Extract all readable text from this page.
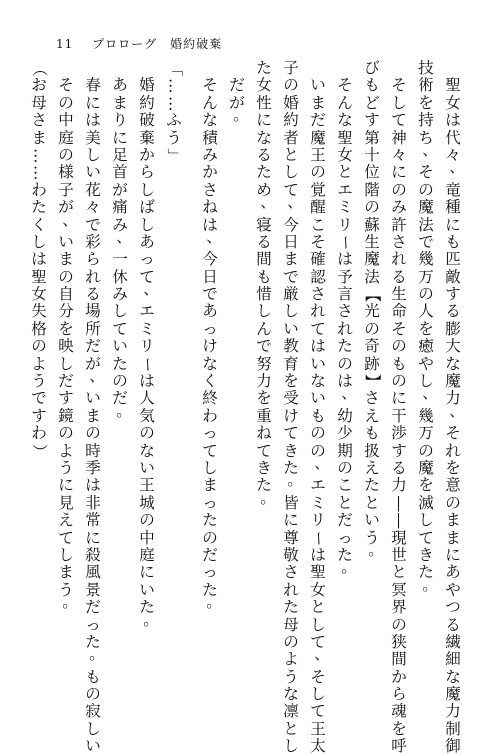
11 プロローグ　婚約破棄

聖
女
は
代
々
、
竜
種
に
も
匹
敵
す
る
膨
大
な
魔
力
、
そ
れ
を
意
の
ま
ま
に
あ
や
つ
る
繊
細
な
魔
力
制
御
技
術
を
持
ち
、
そ
の
魔
法
で
幾
万
の
人
を
癒
や
し
、
幾
万
の
魔
を
滅
し
て
き
た
。

そ
し
て
神
々
に
の
み
許
さ
れ
る
生
命
そ
の
も
の
に
干
渉
す
る
力
―
―
現
世
と
冥
界
の
狭
間
か
ら
魂
を
呼
び
も
ど
す
第
十
位
階
の
蘇
生
魔
法
【
光
の
奇
跡
】
さ
え
も
扱
え
た
と
い
う
。

そ
ん
な
聖
女
と
エ
ミ
リ
ー
は
予
言
さ
れ
た
の
は
、
幼
少
期
の
こ
と
だ
っ
た
。

い
ま
だ
魔
王
の
覚
醒
こ
そ
確
認
さ
れ
て
は
い
な
い
も
の
の
、
エ
ミ
リ
ー
は
聖
女
と
し
て
、
そ
し
て
王
太
子
の
婚
約
者
と
し
て
、
今
日
ま
で
厳
し
い
教
育
を
受
け
て
き
た
。
皆
に
尊
敬
さ
れ
た
母
の
よ
う
な
凛
と
し
た
女
性
に
な
る
た
め
、
寝
る
間
も
惜
し
ん
で
努
力
を
重
ね
て
き
た
。

だ
が
。

そ
ん
な
積
み
か
さ
ね
は
、
今
日
で
あ
っ
け
な
く
終
わ
っ
て
し
ま
っ
た
の
だ
っ
た
。
「
…
…
ふ
う
」

婚
約
破
棄
か
ら
し
ば
し
あ
っ
て
、
エ
ミ
リ
ー
は
人
気
の
な
い
王
城
の
中
庭
に
い
た
。

あ
ま
り
に
足
首
が
痛
み
、
一
休
み
し
て
い
た
の
だ
。

春
に
は
美
し
い
花
々
で
彩
ら
れ
る
場
所
だ
が
、
い
ま
の
時
季
は
非
常
に
殺
風
景
だ
っ
た
。
も
の
寂
し
い

そ
の
中
庭
の
様
子
が
、
い
ま
の
自
分
を
映
し
だ
す
鏡
の
よ
う
に
見
え
て
し
ま
う
。
（
お
母
さ
ま
…
…
わ
た
く
し
は
聖
女
失
格
の
よ
う
で
す
わ
）
